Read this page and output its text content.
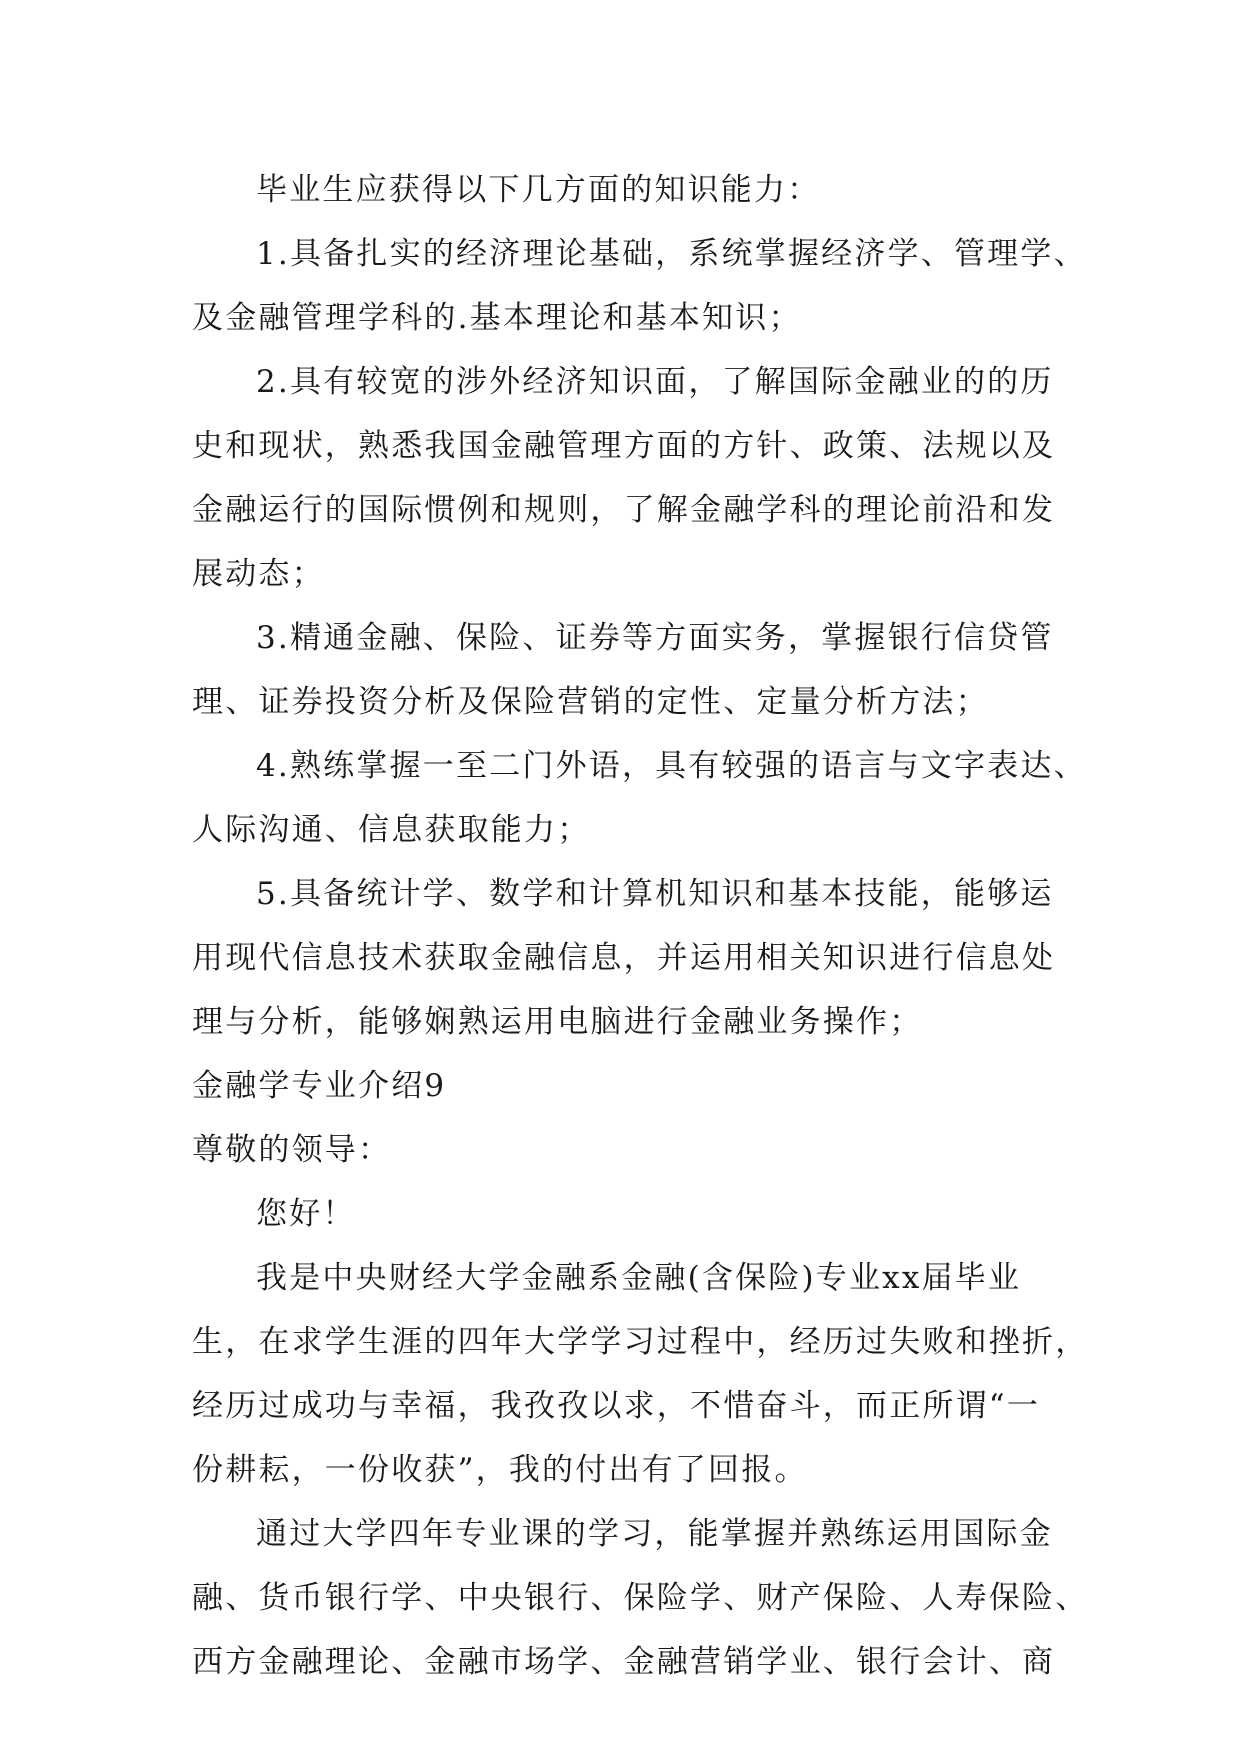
毕业生应获得以下几方面的知识能力：
1.具备扎实的经济理论基础，系统掌握经济学、管理学、
及金融管理学科的.基本理论和基本知识；
2.具有较宽的涉外经济知识面，了解国际金融业的的历
史和现状，熟悉我国金融管理方面的方针、政策、法规以及
金融运行的国际惯例和规则，了解金融学科的理论前沿和发
展动态；
3.精通金融、保险、证券等方面实务，掌握银行信贷管
理、证券投资分析及保险营销的定性、定量分析方法；
4.熟练掌握一至二门外语，具有较强的语言与文字表达、
人际沟通、信息获取能力；
5.具备统计学、数学和计算机知识和基本技能，能够运
用现代信息技术获取金融信息，并运用相关知识进行信息处
理与分析，能够娴熟运用电脑进行金融业务操作；
金融学专业介绍9
尊敬的领导：
您好！
我是中央财经大学金融系金融(含保险)专业xx届毕业
生，在求学生涯的四年大学学习过程中，经历过失败和挫折，
经历过成功与幸福，我孜孜以求，不惜奋斗，而正所谓“一
份耕耘，一份收获”，我的付出有了回报。
通过大学四年专业课的学习，能掌握并熟练运用国际金
融、货币银行学、中央银行、保险学、财产保险、人寿保险、
西方金融理论、金融市场学、金融营销学业、银行会计、商
